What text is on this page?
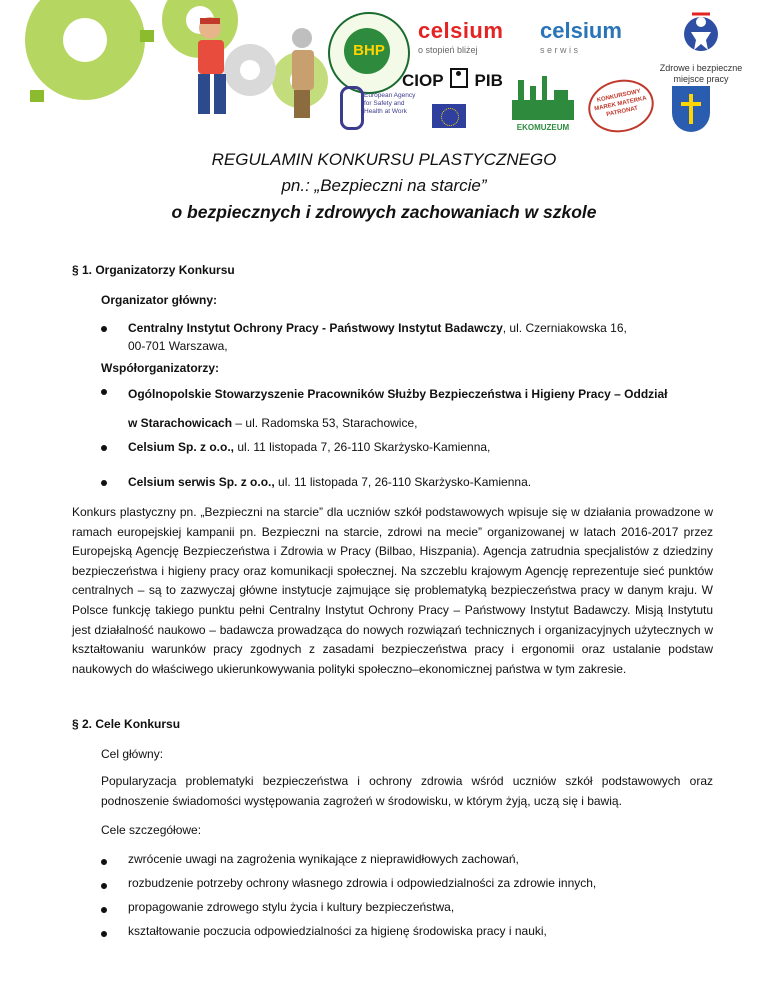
BHP
celsium
o stopień bliżej
celsium
s e r w i s
Zdrowe i bezpieczne miejsce pracy
CIOP PIB
European Agency for Safety and Health at Work
EKOMUZEUM
KONKURSOWY MAREK MATERKA PATRONAT
REGULAMIN KONKURSU PLASTYCZNEGO
pn.: „Bezpieczni na starcie”
o bezpiecznych i zdrowych zachowaniach w szkole
§ 1. Organizatorzy Konkursu
Organizator główny:
Centralny Instytut Ochrony Pracy - Państwowy Instytut Badawczy, ul. Czerniakowska 16,
00-701 Warszawa,
Współorganizatorzy:
Ogólnopolskie Stowarzyszenie Pracowników Służby Bezpieczeństwa i Higieny Pracy – Oddział
w Starachowicach – ul. Radomska 53, Starachowice,
Celsium Sp. z o.o., ul. 11 listopada 7, 26-110 Skarżysko-Kamienna,
Celsium serwis Sp. z o.o., ul. 11 listopada 7, 26-110 Skarżysko-Kamienna.
Konkurs plastyczny pn. „Bezpieczni na starcie” dla uczniów szkół podstawowych wpisuje się w działania prowadzone w ramach europejskiej kampanii pn. Bezpieczni na starcie, zdrowi na mecie” organizowanej w latach 2016-2017 przez Europejską Agencję Bezpieczeństwa i Zdrowia w Pracy (Bilbao, Hiszpania). Agencja zatrudnia specjalistów z dziedziny bezpieczeństwa i higieny pracy oraz komunikacji społecznej. Na szczeblu krajowym Agencję reprezentuje sieć punktów centralnych – są to zazwyczaj główne instytucje zajmujące się problematyką bezpieczeństwa pracy w danym kraju. W Polsce funkcję takiego punktu pełni Centralny Instytut Ochrony Pracy – Państwowy Instytut Badawczy. Misją Instytutu jest działalność naukowo – badawcza prowadząca do nowych rozwiązań technicznych i organizacyjnych użytecznych w kształtowaniu warunków pracy zgodnych z zasadami bezpieczeństwa pracy i ergonomii oraz ustalanie podstaw naukowych do właściwego ukierunkowywania polityki społeczno–ekonomicznej państwa w tym zakresie.
§ 2. Cele Konkursu
Cel główny:
Popularyzacja problematyki bezpieczeństwa i ochrony zdrowia wśród uczniów szkół podstawowych oraz podnoszenie świadomości występowania zagrożeń w środowisku, w którym żyją, uczą się i bawią.
Cele szczegółowe:
zwrócenie uwagi na zagrożenia wynikające z nieprawidłowych zachowań,
rozbudzenie potrzeby ochrony własnego zdrowia i odpowiedzialności za zdrowie innych,
propagowanie zdrowego stylu życia i kultury bezpieczeństwa,
kształtowanie poczucia odpowiedzialności za higienę środowiska pracy i nauki,
